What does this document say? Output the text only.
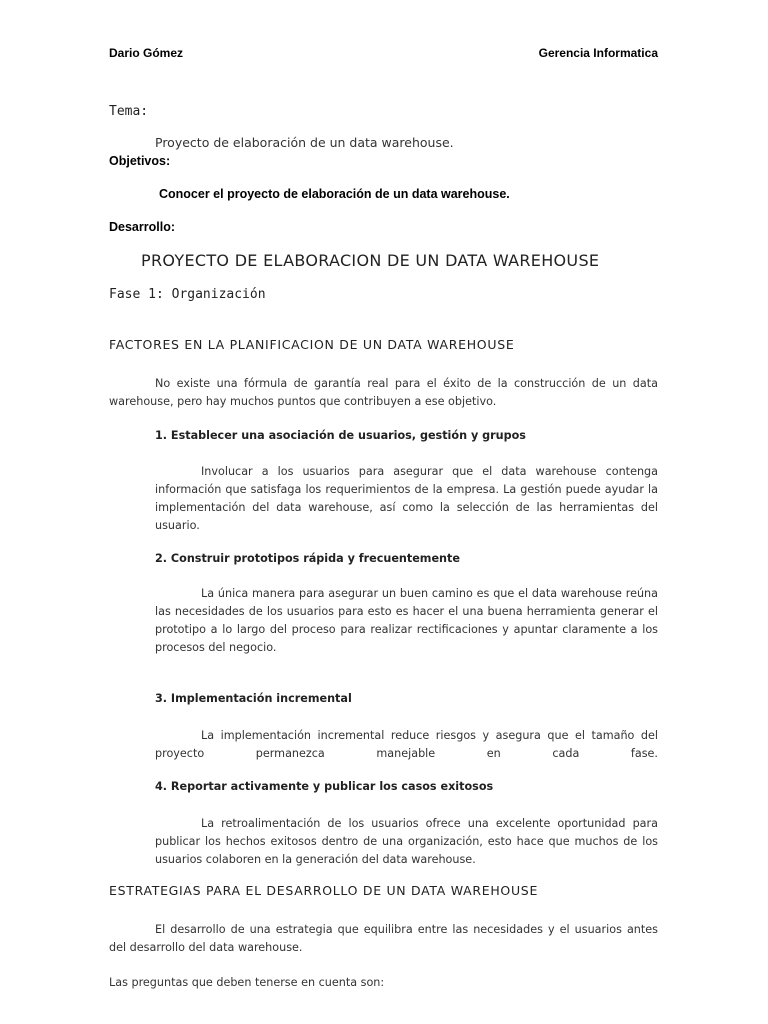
Dario Gómez	Gerencia Informatica
Tema:
Proyecto de elaboración de un data warehouse.
Objetivos:
Conocer el proyecto de elaboración de un data warehouse.
Desarrollo:
PROYECTO DE ELABORACION DE UN DATA WAREHOUSE
Fase 1: Organización
FACTORES EN LA PLANIFICACION DE UN DATA WAREHOUSE
No existe una fórmula de garantía real para el éxito de la construcción de un data warehouse, pero hay muchos puntos que contribuyen a ese objetivo.
1. Establecer una asociación de usuarios, gestión y grupos
Involucar a los usuarios para asegurar que el data warehouse contenga información que satisfaga los requerimientos de la empresa. La gestión puede ayudar la implementación del data warehouse, así como la selección de las herramientas del usuario.
2. Construir prototipos rápida y frecuentemente
La única manera para asegurar un buen camino es que el data warehouse reúna las necesidades de los usuarios para esto es hacer el una buena herramienta generar el prototipo a lo largo del proceso para realizar rectificaciones y apuntar claramente a los procesos del negocio.
3. Implementación incremental
La implementación incremental reduce riesgos y asegura que el tamaño del proyecto permanezca manejable en cada fase.
4. Reportar activamente y publicar los casos exitosos
La retroalimentación de los usuarios ofrece una excelente oportunidad para publicar los hechos exitosos dentro de una organización, esto hace que muchos de los usuarios colaboren en la generación del data warehouse.
ESTRATEGIAS PARA EL DESARROLLO DE UN DATA WAREHOUSE
El desarrollo de una estrategia que equilibra entre las necesidades y el usuarios antes del desarrollo del data warehouse.
Las preguntas que deben tenerse en cuenta son:
